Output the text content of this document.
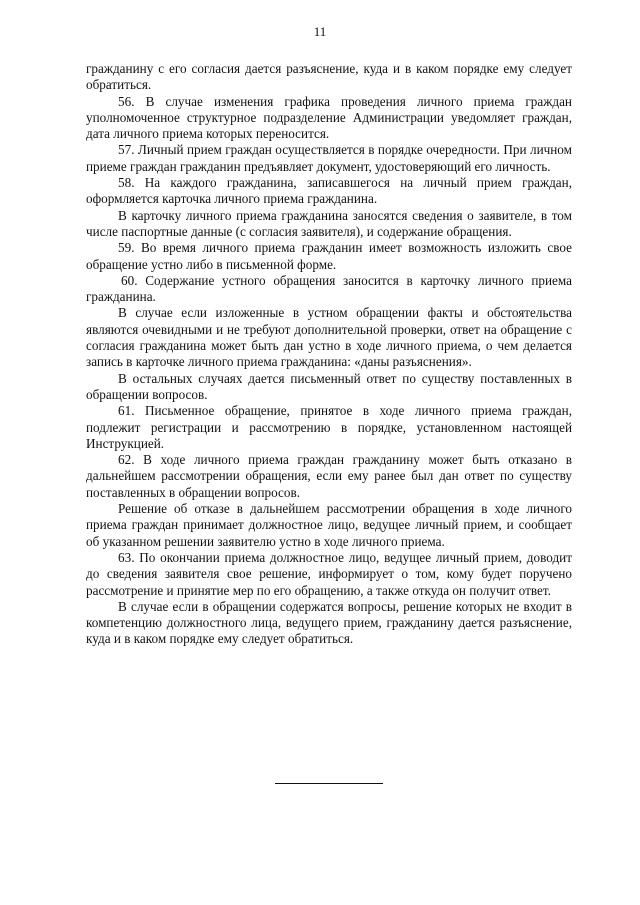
11

гражданину с его согласия дается разъяснение, куда и в каком порядке ему следует обратиться.

56. В случае изменения графика проведения личного приема граждан уполномоченное структурное подразделение Администрации уведомляет граждан, дата личного приема которых переносится.

57. Личный прием граждан осуществляется в порядке очередности. При личном приеме граждан гражданин предъявляет документ, удостоверяющий его личность.

58. На каждого гражданина, записавшегося на личный прием граждан, оформляется карточка личного приема гражданина.

В карточку личного приема гражданина заносятся сведения о заявителе, в том числе паспортные данные (с согласия заявителя), и содержание обращения.

59. Во время личного приема гражданин имеет возможность изложить свое обращение устно либо в письменной форме.

60. Содержание устного обращения заносится в карточку личного приема гражданина.

В случае если изложенные в устном обращении факты и обстоятельства являются очевидными и не требуют дополнительной проверки, ответ на обращение с согласия гражданина может быть дан устно в ходе личного приема, о чем делается запись в карточке личного приема гражданина: «даны разъяснения».

В остальных случаях дается письменный ответ по существу поставленных в обращении вопросов.

61. Письменное обращение, принятое в ходе личного приема граждан, подлежит регистрации и рассмотрению в порядке, установленном настоящей Инструкцией.

62. В ходе личного приема граждан гражданину может быть отказано в дальнейшем рассмотрении обращения, если ему ранее был дан ответ по существу поставленных в обращении вопросов.

Решение об отказе в дальнейшем рассмотрении обращения в ходе личного приема граждан принимает должностное лицо, ведущее личный прием, и сообщает об указанном решении заявителю устно в ходе личного приема.

63. По окончании приема должностное лицо, ведущее личный прием, доводит до сведения заявителя свое решение, информирует о том, кому будет поручено рассмотрение и принятие мер по его обращению, а также откуда он получит ответ.

В случае если в обращении содержатся вопросы, решение которых не входит в компетенцию должностного лица, ведущего прием, гражданину дается разъяснение, куда и в каком порядке ему следует обратиться.
